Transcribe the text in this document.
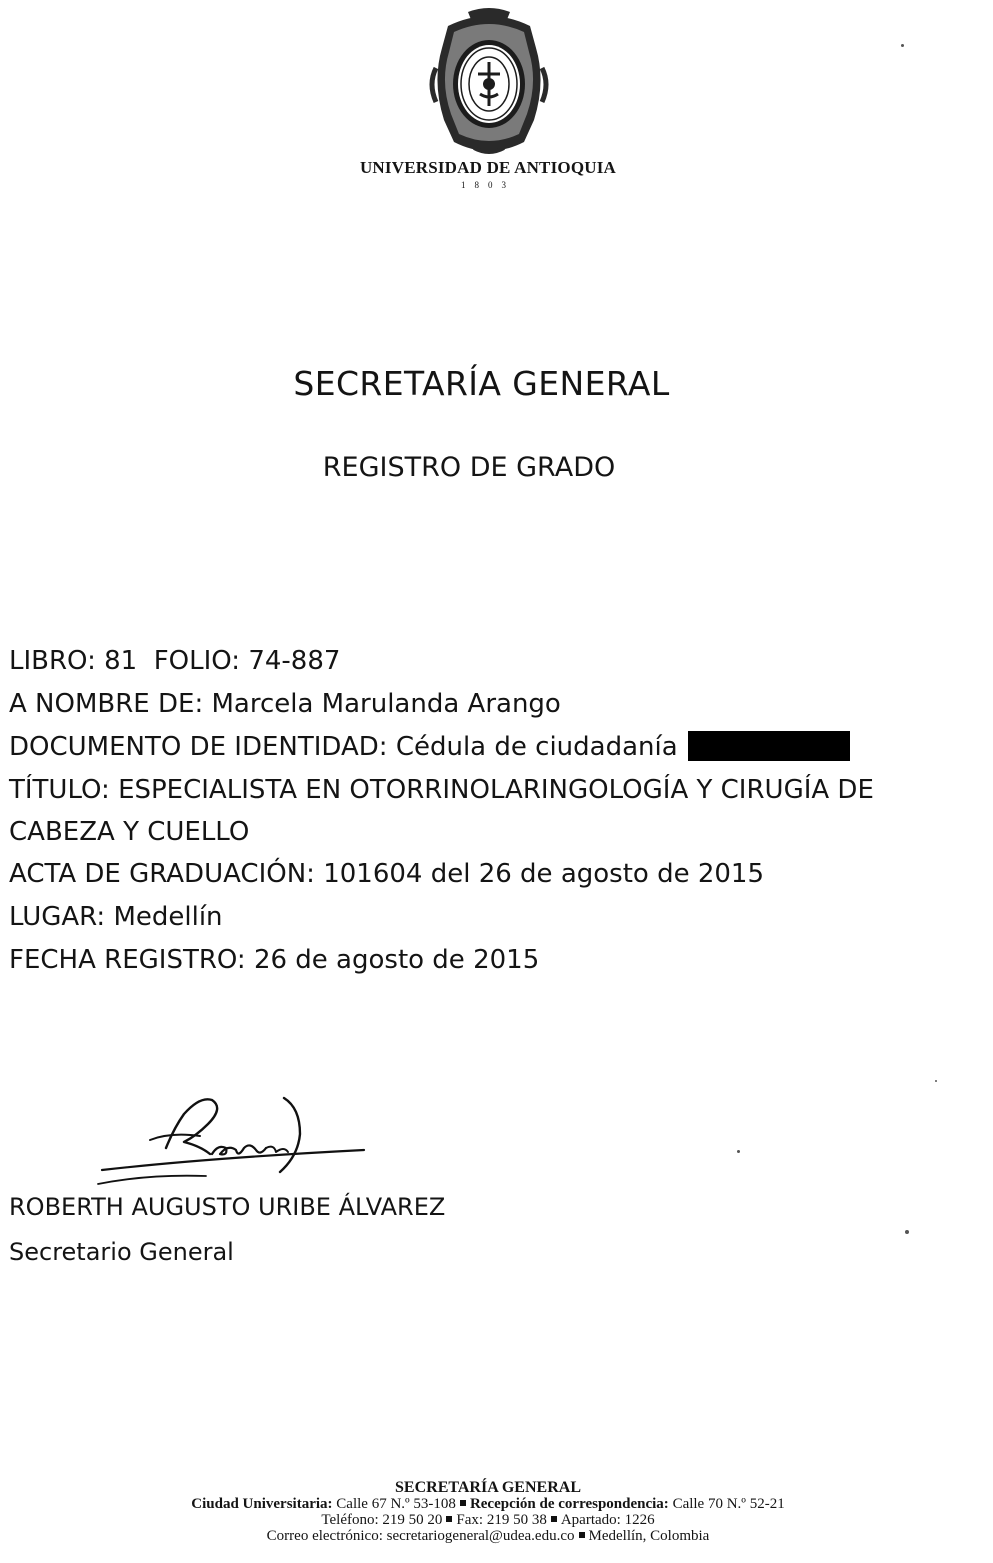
UNIVERSIDAD DE ANTIOQUIA
1803
SECRETARÍA GENERAL
REGISTRO DE GRADO
LIBRO: 81 FOLIO: 74-887
A NOMBRE DE: Marcela Marulanda Arango
DOCUMENTO DE IDENTIDAD: Cédula de ciudadanía
TÍTULO: ESPECIALISTA EN OTORRINOLARINGOLOGÍA Y CIRUGÍA DE CABEZA Y CUELLO
ACTA DE GRADUACIÓN: 101604 del 26 de agosto de 2015
LUGAR: Medellín
FECHA REGISTRO: 26 de agosto de 2015
ROBERTH AUGUSTO URIBE ÁLVAREZ
Secretario General
SECRETARÍA GENERAL
Ciudad Universitaria: Calle 67 N.º 53-108 Recepción de correspondencia: Calle 70 N.º 52-21
Teléfono: 219 50 20 Fax: 219 50 38 Apartado: 1226
Correo electrónico: secretariogeneral@udea.edu.co Medellín, Colombia
